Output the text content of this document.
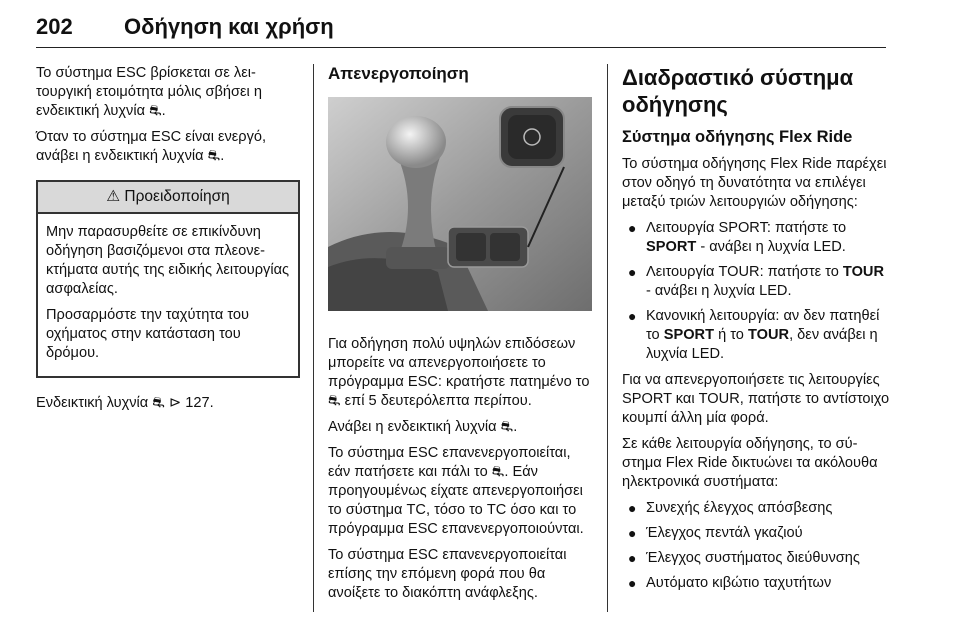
202 Οδήγηση και χρήση

Το σύστημα ESC βρίσκεται σε λειτουργική ετοιμότητα μόλις σβήσει η ενδεικτική λυχνία ⛐.

Όταν το σύστημα ESC είναι ενεργό, ανάβει η ενδεικτική λυχνία ⛐.

⚠ Προειδοποίηση

Μην παρασυρθείτε σε επικίνδυνη οδήγηση βασιζόμενοι στα πλεονεκτήματα αυτής της ειδικής λειτουργίας ασφαλείας.

Προσαρμόστε την ταχύτητα του οχήματος στην κατάσταση του δρόμου.

Ενδεικτική λυχνία ⛐ ⊳ 127.

Απενεργοποίηση

Για οδήγηση πολύ υψηλών επιδόσεων μπορείτε να απενεργοποιήσετε το πρόγραμμα ESC: κρατήστε πατημένο το ⛐ επί 5 δευτερόλεπτα περίπου.

Ανάβει η ενδεικτική λυχνία ⛐.

Το σύστημα ESC επανενεργοποιείται, εάν πατήσετε και πάλι το ⛐. Εάν προηγουμένως είχατε απενεργοποιήσει το σύστημα TC, τόσο το TC όσο και το πρόγραμμα ESC επανενεργοποιούνται.

Το σύστημα ESC επανενεργοποιείται επίσης την επόμενη φορά που θα ανοίξετε το διακόπτη ανάφλεξης.

Διαδραστικό σύστημα οδήγησης
Σύστημα οδήγησης Flex Ride

Το σύστημα οδήγησης Flex Ride παρέχει στον οδηγό τη δυνατότητα να επιλέγει μεταξύ τριών λειτουργιών οδήγησης:

● Λειτουργία SPORT: πατήστε το SPORT - ανάβει η λυχνία LED.
● Λειτουργία TOUR: πατήστε το TOUR - ανάβει η λυχνία LED.
● Κανονική λειτουργία: αν δεν πατηθεί το SPORT ή το TOUR, δεν ανάβει η λυχνία LED.

Για να απενεργοποιήσετε τις λειτουργίες SPORT και TOUR, πατήστε το αντίστοιχο κουμπί άλλη μία φορά.

Σε κάθε λειτουργία οδήγησης, το σύστημα Flex Ride δικτυώνει τα ακόλουθα ηλεκτρονικά συστήματα:

● Συνεχής έλεγχος απόσβεσης
● Έλεγχος πεντάλ γκαζιού
● Έλεγχος συστήματος διεύθυνσης
● Αυτόματο κιβώτιο ταχυτήτων
